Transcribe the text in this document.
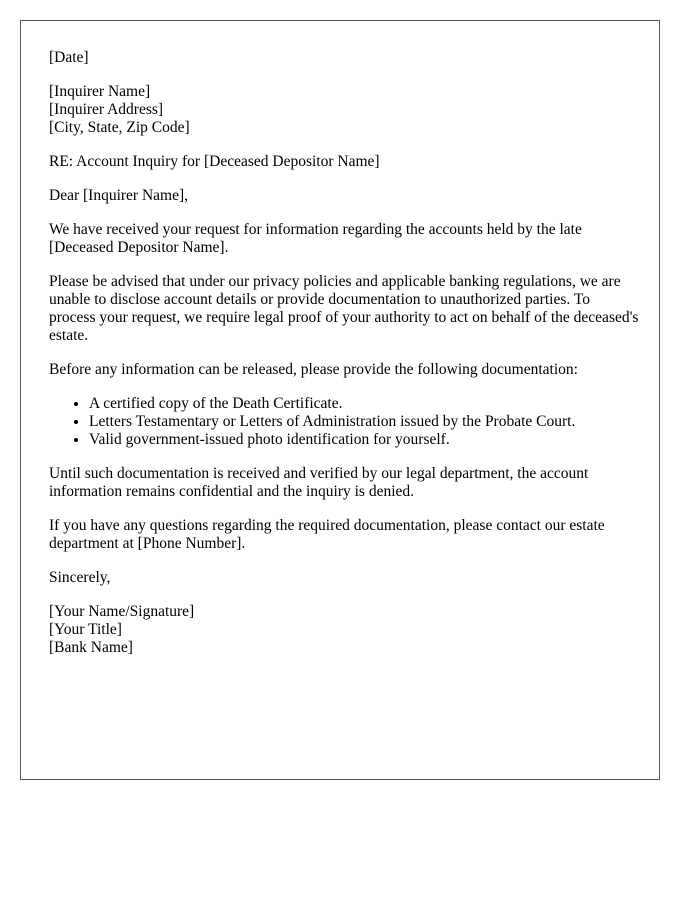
[Date]

[Inquirer Name]
[Inquirer Address]
[City, State, Zip Code]

RE: Account Inquiry for [Deceased Depositor Name]

Dear [Inquirer Name],

We have received your request for information regarding the accounts held by the late [Deceased Depositor Name].

Please be advised that under our privacy policies and applicable banking regulations, we are unable to disclose account details or provide documentation to unauthorized parties. To process your request, we require legal proof of your authority to act on behalf of the deceased's estate.

Before any information can be released, please provide the following documentation:

• A certified copy of the Death Certificate.
• Letters Testamentary or Letters of Administration issued by the Probate Court.
• Valid government-issued photo identification for yourself.

Until such documentation is received and verified by our legal department, the account information remains confidential and the inquiry is denied.

If you have any questions regarding the required documentation, please contact our estate department at [Phone Number].

Sincerely,

[Your Name/Signature]
[Your Title]
[Bank Name]
